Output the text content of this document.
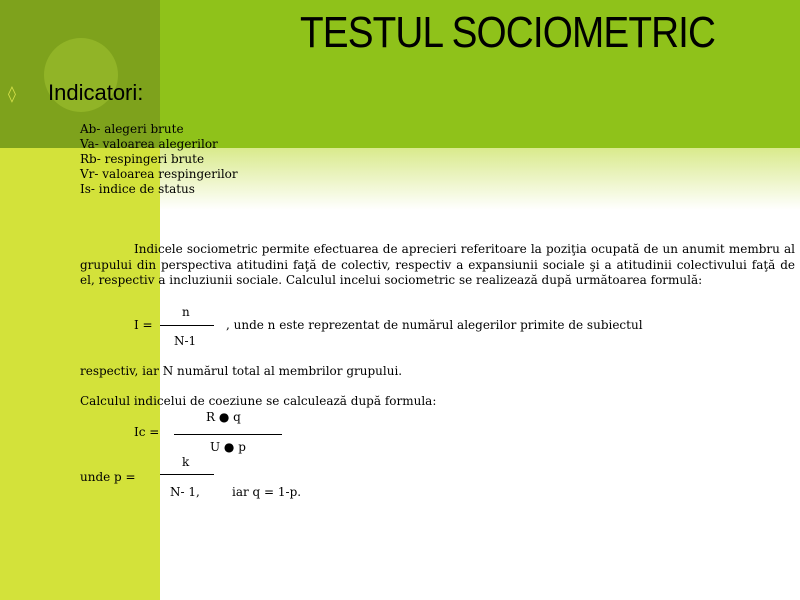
TESTUL SOCIOMETRIC
◊ Indicatori:
Ab- alegeri brute
Va- valoarea alegerilor
Rb- respingeri brute
Vr- valoarea respingerilor
Is- indice de status

Indicele sociometric permite efectuarea de aprecieri referitoare la poziţia ocupată de un anumit membru al grupului din perspectiva atitudini faţă de colectiv, respectiv a expansiunii sociale şi a atitudinii colectivului faţă de el, respectiv a incluziunii sociale. Calculul incelui sociometric se realizează după următoarea formulă:

I =
n
N-1
, unde n este reprezentat de numărul alegerilor primite de subiectul
respectiv, iar N numărul total al membrilor grupului.
Calculul indicelui de coeziune se calculează după formula:
Ic =
R ● q
U ● p
unde p =
k
N- 1,	iar q = 1-p.
